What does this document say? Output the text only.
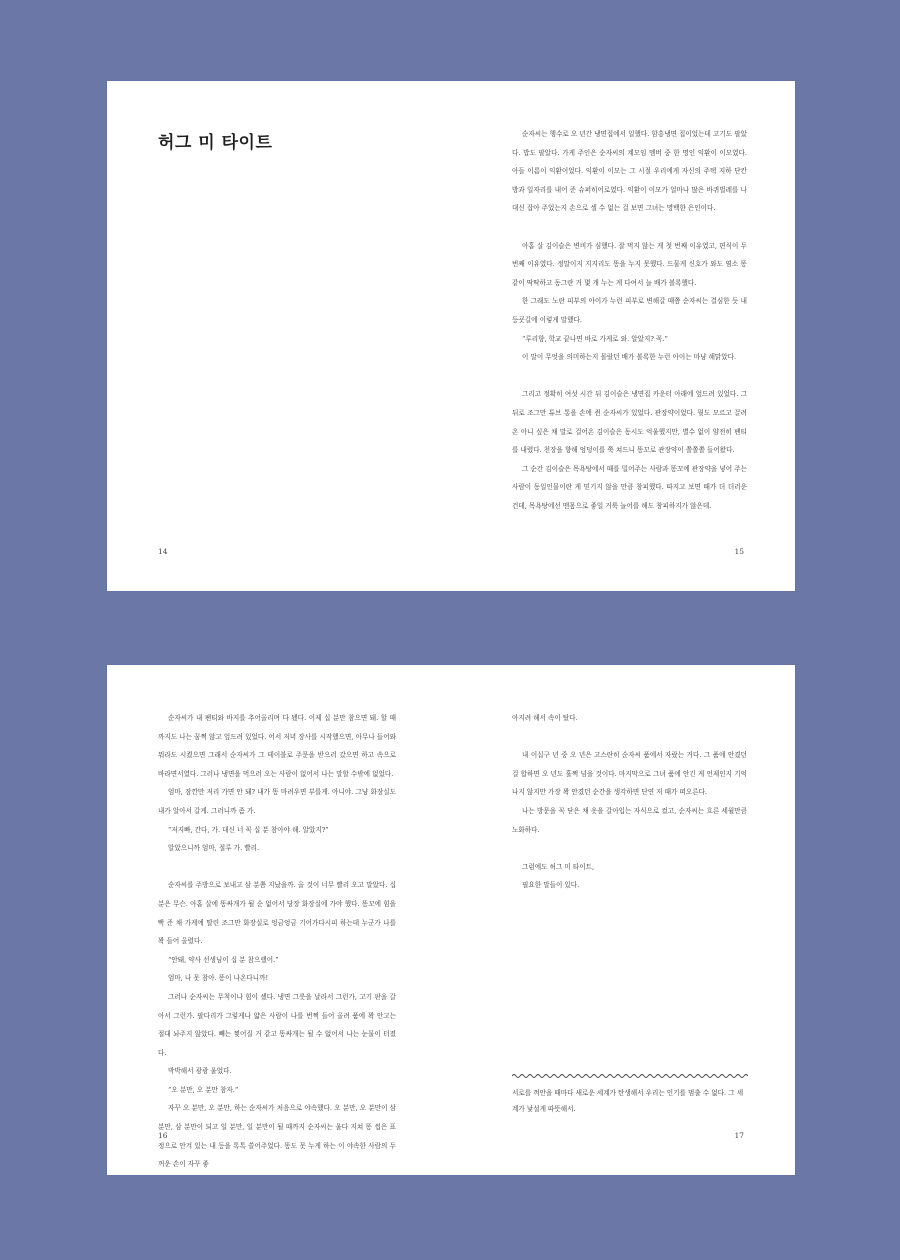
허그 미 타이트
14

순자씨는 행수로 오 년간 냉면집에서 일했다. 함흥냉면 집이었는데 고기도 팔았다. 밥도 팔았다. 가게 주인은 순자씨의 계모임 멤버 중 한 명인 익환이 이모였다. 아들 이름이 익환이었다. 익환이 이모는 그 시절 우리에게 자신의 주택 지하 단칸방과 일자리를 내어 준 슈퍼히어로였다. 익환이 이모가 얼마나 많은 바퀴벌레를 나 대신 잡아 주었는지 손으로 셀 수 없는 걸 보면 그녀는 명백한 은인이다.

아홉 살 김이슬은 변비가 심했다. 잘 먹지 않는 게 첫 번째 이유였고, 편식이 두 번째 이유였다. 정말이지 지지리도 똥을 누지 못했다. 드물게 신호가 와도 염소 똥같이 딱딱하고 동그란 거 몇 개 누는 게 다여서 늘 배가 볼록했다.

한 그래도 노란 피부의 아이가 누런 피부로 변해갈 때쯤 순자씨는 결심한 듯 내 등굣길에 이렇게 말했다.

“루리향, 학교 끝나면 바로 가게로 와. 알았지? 꼭.”

이 말이 무엇을 의미하는지 몰랐던 배가 볼록한 누런 아이는 마냥 해맑았다.

그리고 정확히 여섯 시간 뒤 김이슬은 냉면집 카운터 아래에 엎드려 있었다. 그 뒤로 조그만 튜브 통을 손에 쥔 순자씨가 있었다. 관장약이었다. 뭣도 모르고 끌려온 아니 싶은 채 말로 걸어온 김이슬은 동시도 억울했지만, 별수 없이 얌전히 팬티를 내렸다. 천장을 향해 엉덩이를 쭉 쳐드니 똥꼬로 관장약이 쫄쫄쫄 들어왔다.

그 순간 김이슬은 목욕탕에서 때를 밀어주는 사람과 똥꼬에 관장약을 넣어 주는 사람이 동일인물이란 게 믿기지 않을 만큼 창피했다. 따지고 보면 때가 더 더러운 건데, 목욕탕에선 맨몸으로 좋일 거룩 늘어를 해도 창피하지가 않은데.

15

순자씨가 내 팬티와 바지를 추어올리며 다 됐다. 이제 십 분만 참으면 돼. 할 때까지도 나는 꿈쩍 않고 엎드려 있었다. 어서 저녁 장사를 시작했으면, 아무나 들어와 뭐라도 시켰으면 그래서 순자씨가 그 테이블로 주문을 받으러 갔으면 하고 속으로 바라면서였다. 그러나 냉면을 먹으러 오는 사람이 없어서 나는 말할 수밖에 없었다.

엄마, 잠깐만 저리 가면 안 돼? 내가 똥 마려우면 부를게. 아니야. 그냥 화장실도 내가 알아서 갈게. 그러니까 좀 가.

“저지빠, 간다, 가. 대신 너 꼭 십 분 참아야 해. 알았지?”

알았으니까 엄마, 절루 가. 빨리.

순자씨를 주방으로 보내고 삼 분쯤 지났을까. 올 것이 너무 빨리 오고 말았다. 십 분은 무슨. 아홉 살에 똥싸개가 될 순 없어서 당장 화장실에 가야 했다. 똥꼬에 힘을 빡 준 채 가게에 딸린 조그만 화장실로 엉금엉금 기어가다시피 하는데 누군가 나를 꽉 들어 올렸다.

“안돼, 약사 선생님이 십 분 참으랬어.”

엄마, 나 못 참아. 똥이 나온다니까!

그러나 순자씨는 무척이나 힘이 셌다. 냉면 그릇을 날라서 그런가, 고기 판을 갈아서 그런가. 팔다리가 그렇게나 얇은 사람이 나를 번쩍 들어 올려 품에 꽉 안고는 절대 놔주지 않았다. 빼는 찢어질 거 같고 똥싸개는 될 수 없어서 나는 눈물이 터졌다.

박박해서 광광 울었다.

“오 분만, 오 분만 참자.”

자꾸 오 분만, 오 분만, 하는 순자씨가 처음으로 야속했다. 오 분만, 오 분만이 삼 분만, 삼 분만이 되고 일 분만, 일 분만이 될 때까지 순자씨는 울다 지쳐 똥 씹은 표정으로 안겨 있는 내 등을 톡톡 쓸어주었다. 똥도 못 누게 하는 이 야속한 사람의 두꺼운 손이 자꾸 좋

16

아지려 해서 속이 탔다.

내 이십구 년 중 오 년은 고스란히 순자씨 품에서 자랐는 거다. 그 품에 안겼던 걸 합하면 오 년도 훌쩍 넘을 것이다. 마지막으로 그녀 품에 안긴 게 언제인지 기억나지 않지만 가장 꽉 안겼던 순간을 생각하면 단연 저 때가 떠오른다.

나는 방문을 꼭 닫은 채 옷을 갈아입는 자식으로 컸고, 순자씨는 흐른 세월만큼 노화하다.

그럼에도 허그 미 타이트,

필요한 말들이 있다.

서로를 껴안을 때마다 새로운 세계가 탄생해서 우리는 인기를 멈출 수 없다. 그 세계가 낯설게 따뜻해서.

17
